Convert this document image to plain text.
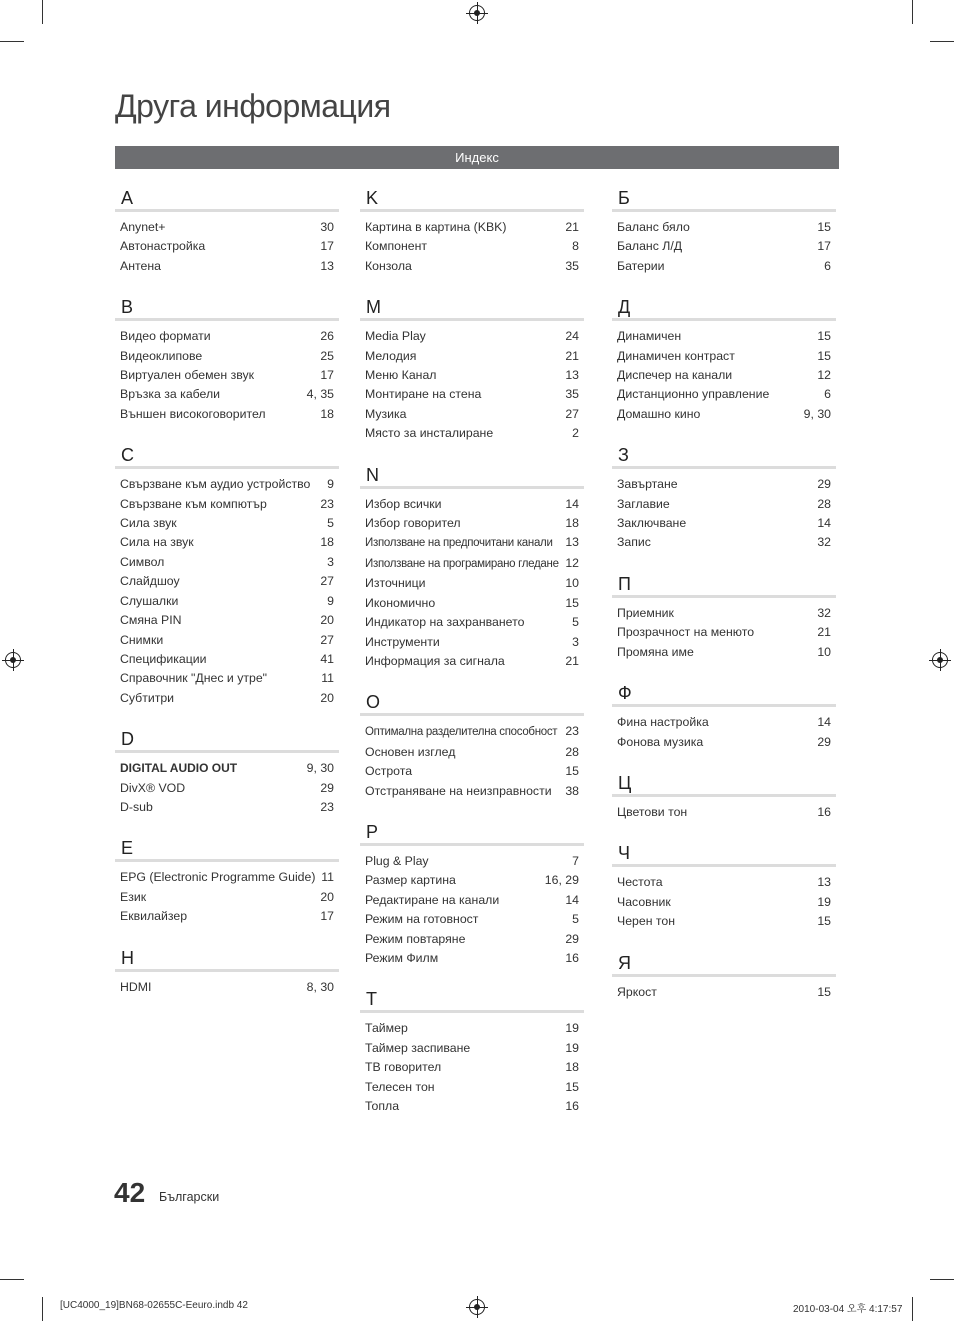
Друга информация
Индекс
A
Anynet+	30
Автонастройка	17
Антена	13
B
Видео формати	26
Видеоклипове	25
Виртуален обемен звук	17
Връзка за кабели	4, 35
Външен високоговорител	18
C
Свързване към аудио устройство 9
Свързване към компютър	23
Сила звук	5
Сила на звук	18
Символ	3
Слайдшоу	27
Слушалки	9
Смяна PIN	20
Снимки	27
Спецификации	41
Справочник "Днес и утре"	11
Субтитри	20
D
DIGITAL AUDIO OUT	9, 30
DivX® VOD	29
D-sub	23
E
EPG (Electronic Programme Guide) 11
Език	20
Еквилайзер	17
H
HDMI	8, 30
K
Картина в картина (KBK)	21
Компонент	8
Конзола	35
M
Media Play	24
Мелодия	21
Меню Канал	13
Монтиране на стена	35
Музика	27
Място за инсталиране	2
N
Избор всички	14
Избор говорител	18
Използване на предпочитани канали 13
Използване на програмирано гледане 12
Източници	10
Икономично	15
Индикатор на захранването	5
Инструменти	3
Информация за сигнала	21
O
Оптимална разделителна способност 23
Основен изглед	28
Острота	15
Отстраняване на неизправности 38
P
Plug & Play	7
Размер картина	16, 29
Редактиране на канали	14
Режим на готовност	5
Режим повтаряне	29
Режим Филм	16
T
Таймер	19
Таймер заспиване	19
ТВ говорител	18
Телесен тон	15
Топла	16
Б
Баланс бяло	15
Баланс Л/Д	17
Батерии	6
Д
Динамичен	15
Динамичен контраст	15
Диспечер на канали	12
Дистанционно управление	6
Домашно кино	9, 30
З
Завъртане	29
Заглавие	28
Заключване	14
Запис	32
П
Приемник	32
Прозрачност на менюто	21
Промяна име	10
Ф
Фина настройка	14
Фонова музика	29
Ц
Цветови тон	16
Ч
Честота	13
Часовник	19
Черен тон	15
Я
Яркост	15
42 Български
[UC4000_19]BN68-02655C-Eeuro.indb 42	2010-03-04 오후 4:17:57
